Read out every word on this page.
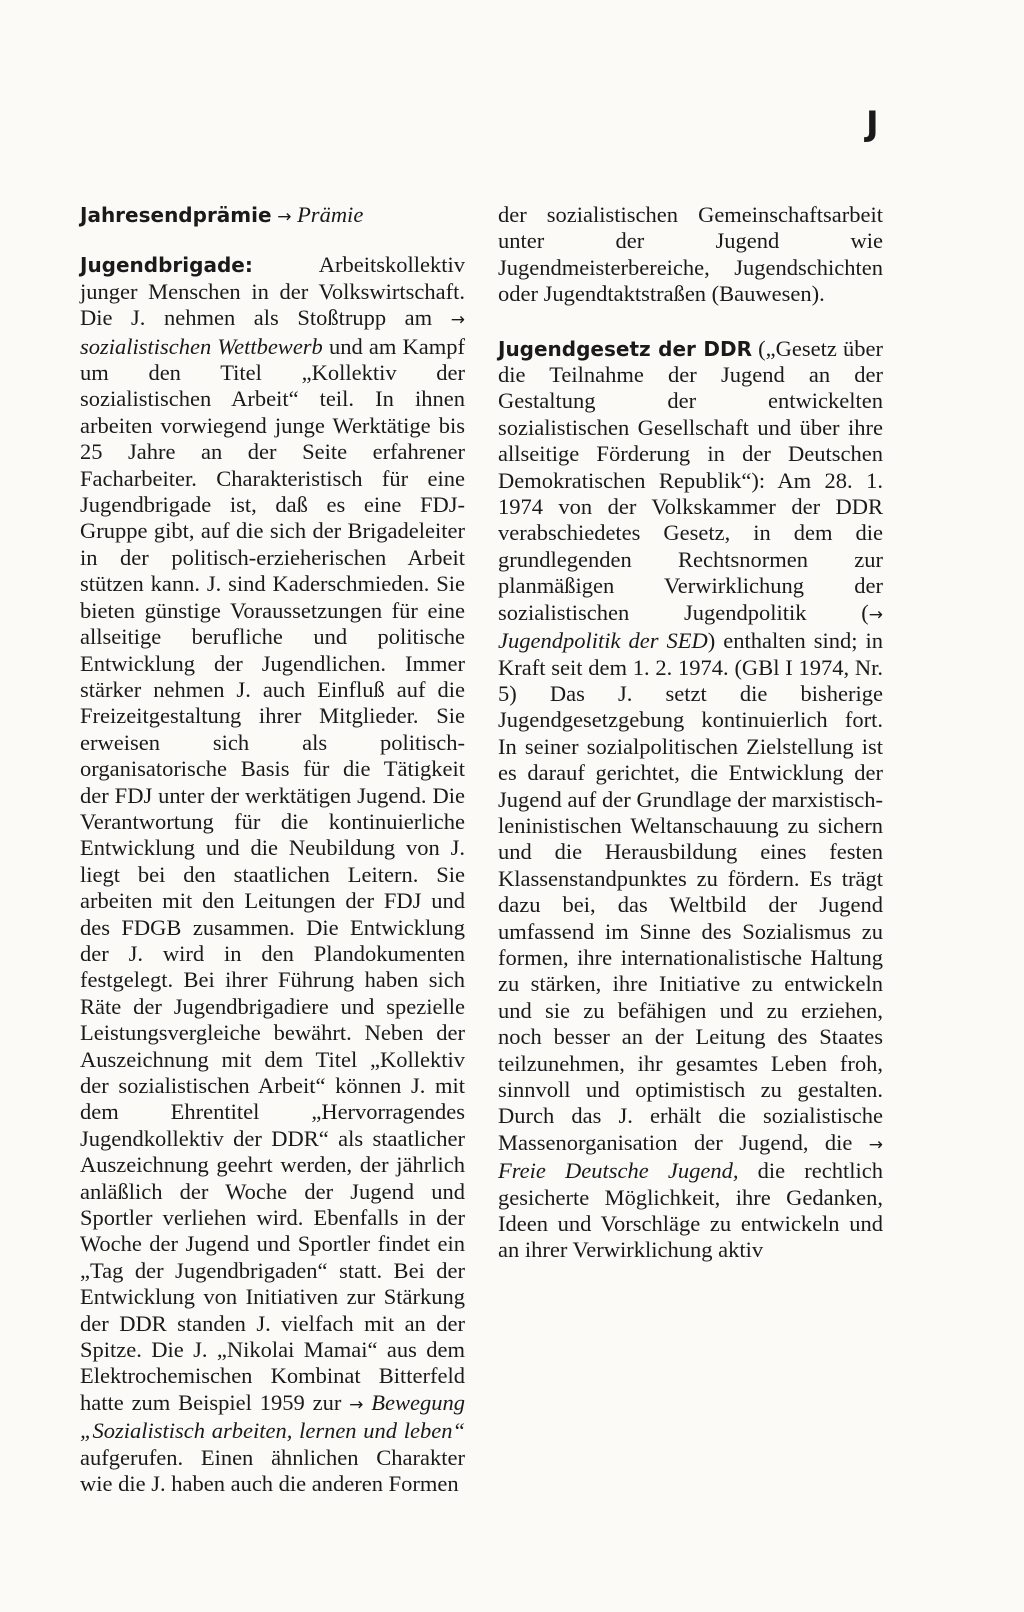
J

Jahresendprämie → Prämie

Jugendbrigade: Arbeitskollektiv junger Menschen in der Volkswirtschaft. Die J. nehmen als Stoßtrupp am → sozialistischen Wettbewerb und am Kampf um den Titel „Kollektiv der sozialistischen Arbeit“ teil. In ihnen arbeiten vorwiegend junge Werktätige bis 25 Jahre an der Seite erfahrener Facharbeiter. Charakteristisch für eine Jugendbrigade ist, daß es eine FDJ-Gruppe gibt, auf die sich der Brigadeleiter in der politisch-erzieherischen Arbeit stützen kann. J. sind Kaderschmieden. Sie bieten günstige Voraussetzungen für eine allseitige berufliche und politische Entwicklung der Jugendlichen. Immer stärker nehmen J. auch Einfluß auf die Freizeitgestaltung ihrer Mitglieder. Sie erweisen sich als politisch-organisatorische Basis für die Tätigkeit der FDJ unter der werktätigen Jugend. Die Verantwortung für die kontinuierliche Entwicklung und die Neubildung von J. liegt bei den staatlichen Leitern. Sie arbeiten mit den Leitungen der FDJ und des FDGB zusammen. Die Entwicklung der J. wird in den Plandokumenten festgelegt. Bei ihrer Führung haben sich Räte der Jugendbrigadiere und spezielle Leistungsvergleiche bewährt. Neben der Auszeichnung mit dem Titel „Kollektiv der sozialistischen Arbeit“ können J. mit dem Ehrentitel „Hervorragendes Jugendkollektiv der DDR“ als staatlicher Auszeichnung geehrt werden, der jährlich anläßlich der Woche der Jugend und Sportler verliehen wird. Ebenfalls in der Woche der Jugend und Sportler findet ein „Tag der Jugendbrigaden“ statt. Bei der Entwicklung von Initiativen zur Stärkung der DDR standen J. vielfach mit an der Spitze. Die J. „Nikolai Mamai“ aus dem Elektrochemischen Kombinat Bitterfeld hatte zum Beispiel 1959 zur → Bewegung „Sozialistisch arbeiten, lernen und leben“ aufgerufen. Einen ähnlichen Charakter wie die J. haben auch die anderen Formen

der sozialistischen Gemeinschaftsarbeit unter der Jugend wie Jugendmeisterbereiche, Jugendschichten oder Jugendtaktstraßen (Bauwesen).

Jugendgesetz der DDR („Gesetz über die Teilnahme der Jugend an der Gestaltung der entwickelten sozialistischen Gesellschaft und über ihre allseitige Förderung in der Deutschen Demokratischen Republik“): Am 28. 1. 1974 von der Volkskammer der DDR verabschiedetes Gesetz, in dem die grundlegenden Rechtsnormen zur planmäßigen Verwirklichung der sozialistischen Jugendpolitik (→ Jugendpolitik der SED) enthalten sind; in Kraft seit dem 1. 2. 1974. (GBl I 1974, Nr. 5) Das J. setzt die bisherige Jugendgesetzgebung kontinuierlich fort. In seiner sozialpolitischen Zielstellung ist es darauf gerichtet, die Entwicklung der Jugend auf der Grundlage der marxistisch-leninistischen Weltanschauung zu sichern und die Herausbildung eines festen Klassenstandpunktes zu fördern. Es trägt dazu bei, das Weltbild der Jugend umfassend im Sinne des Sozialismus zu formen, ihre internationalistische Haltung zu stärken, ihre Initiative zu entwickeln und sie zu befähigen und zu erziehen, noch besser an der Leitung des Staates teilzunehmen, ihr gesamtes Leben froh, sinnvoll und optimistisch zu gestalten. Durch das J. erhält die sozialistische Massenorganisation der Jugend, die → Freie Deutsche Jugend, die rechtlich gesicherte Möglichkeit, ihre Gedanken, Ideen und Vorschläge zu entwickeln und an ihrer Verwirklichung aktiv
